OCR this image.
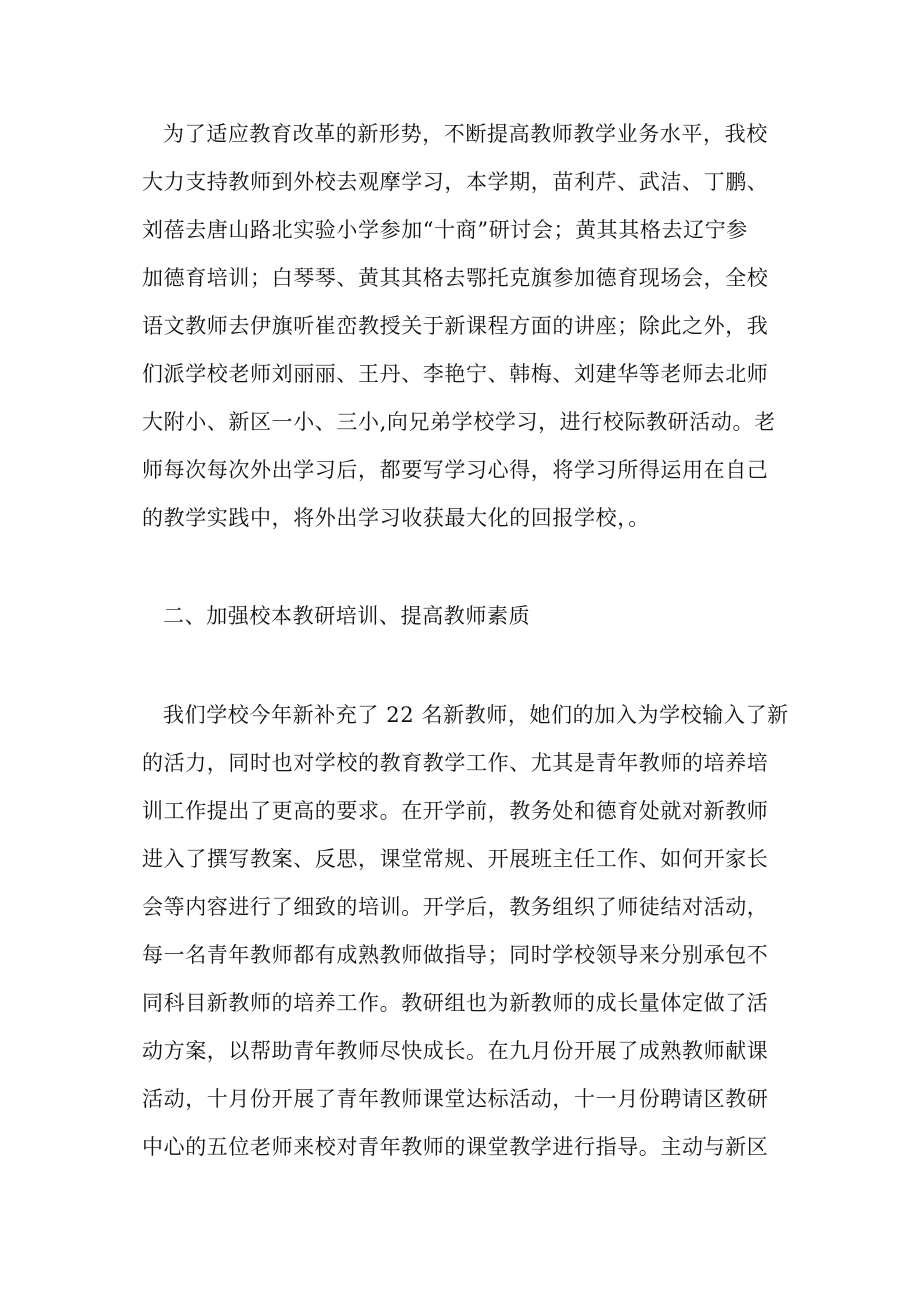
为了适应教育改革的新形势，不断提高教师教学业务水平，我校
大力支持教师到外校去观摩学习，本学期，苗利芹、武洁、丁鹏、
刘蓓去唐山路北实验小学参加“十商”研讨会；黄其其格去辽宁参
加德育培训；白琴琴、黄其其格去鄂托克旗参加德育现场会，全校
语文教师去伊旗听崔峦教授关于新课程方面的讲座；除此之外，我
们派学校老师刘丽丽、王丹、李艳宁、韩梅、刘建华等老师去北师
大附小、新区一小、三小,向兄弟学校学习，进行校际教研活动。老
师每次每次外出学习后，都要写学习心得，将学习所得运用在自己
的教学实践中，将外出学习收获最大化的回报学校，。
二、加强校本教研培训、提高教师素质
我们学校今年新补充了 22 名新教师，她们的加入为学校输入了新
的活力，同时也对学校的教育教学工作、尤其是青年教师的培养培
训工作提出了更高的要求。在开学前，教务处和德育处就对新教师
进入了撰写教案、反思，课堂常规、开展班主任工作、如何开家长
会等内容进行了细致的培训。开学后，教务组织了师徒结对活动，
每一名青年教师都有成熟教师做指导；同时学校领导来分别承包不
同科目新教师的培养工作。教研组也为新教师的成长量体定做了活
动方案，以帮助青年教师尽快成长。在九月份开展了成熟教师献课
活动，十月份开展了青年教师课堂达标活动，十一月份聘请区教研
中心的五位老师来校对青年教师的课堂教学进行指导。主动与新区
